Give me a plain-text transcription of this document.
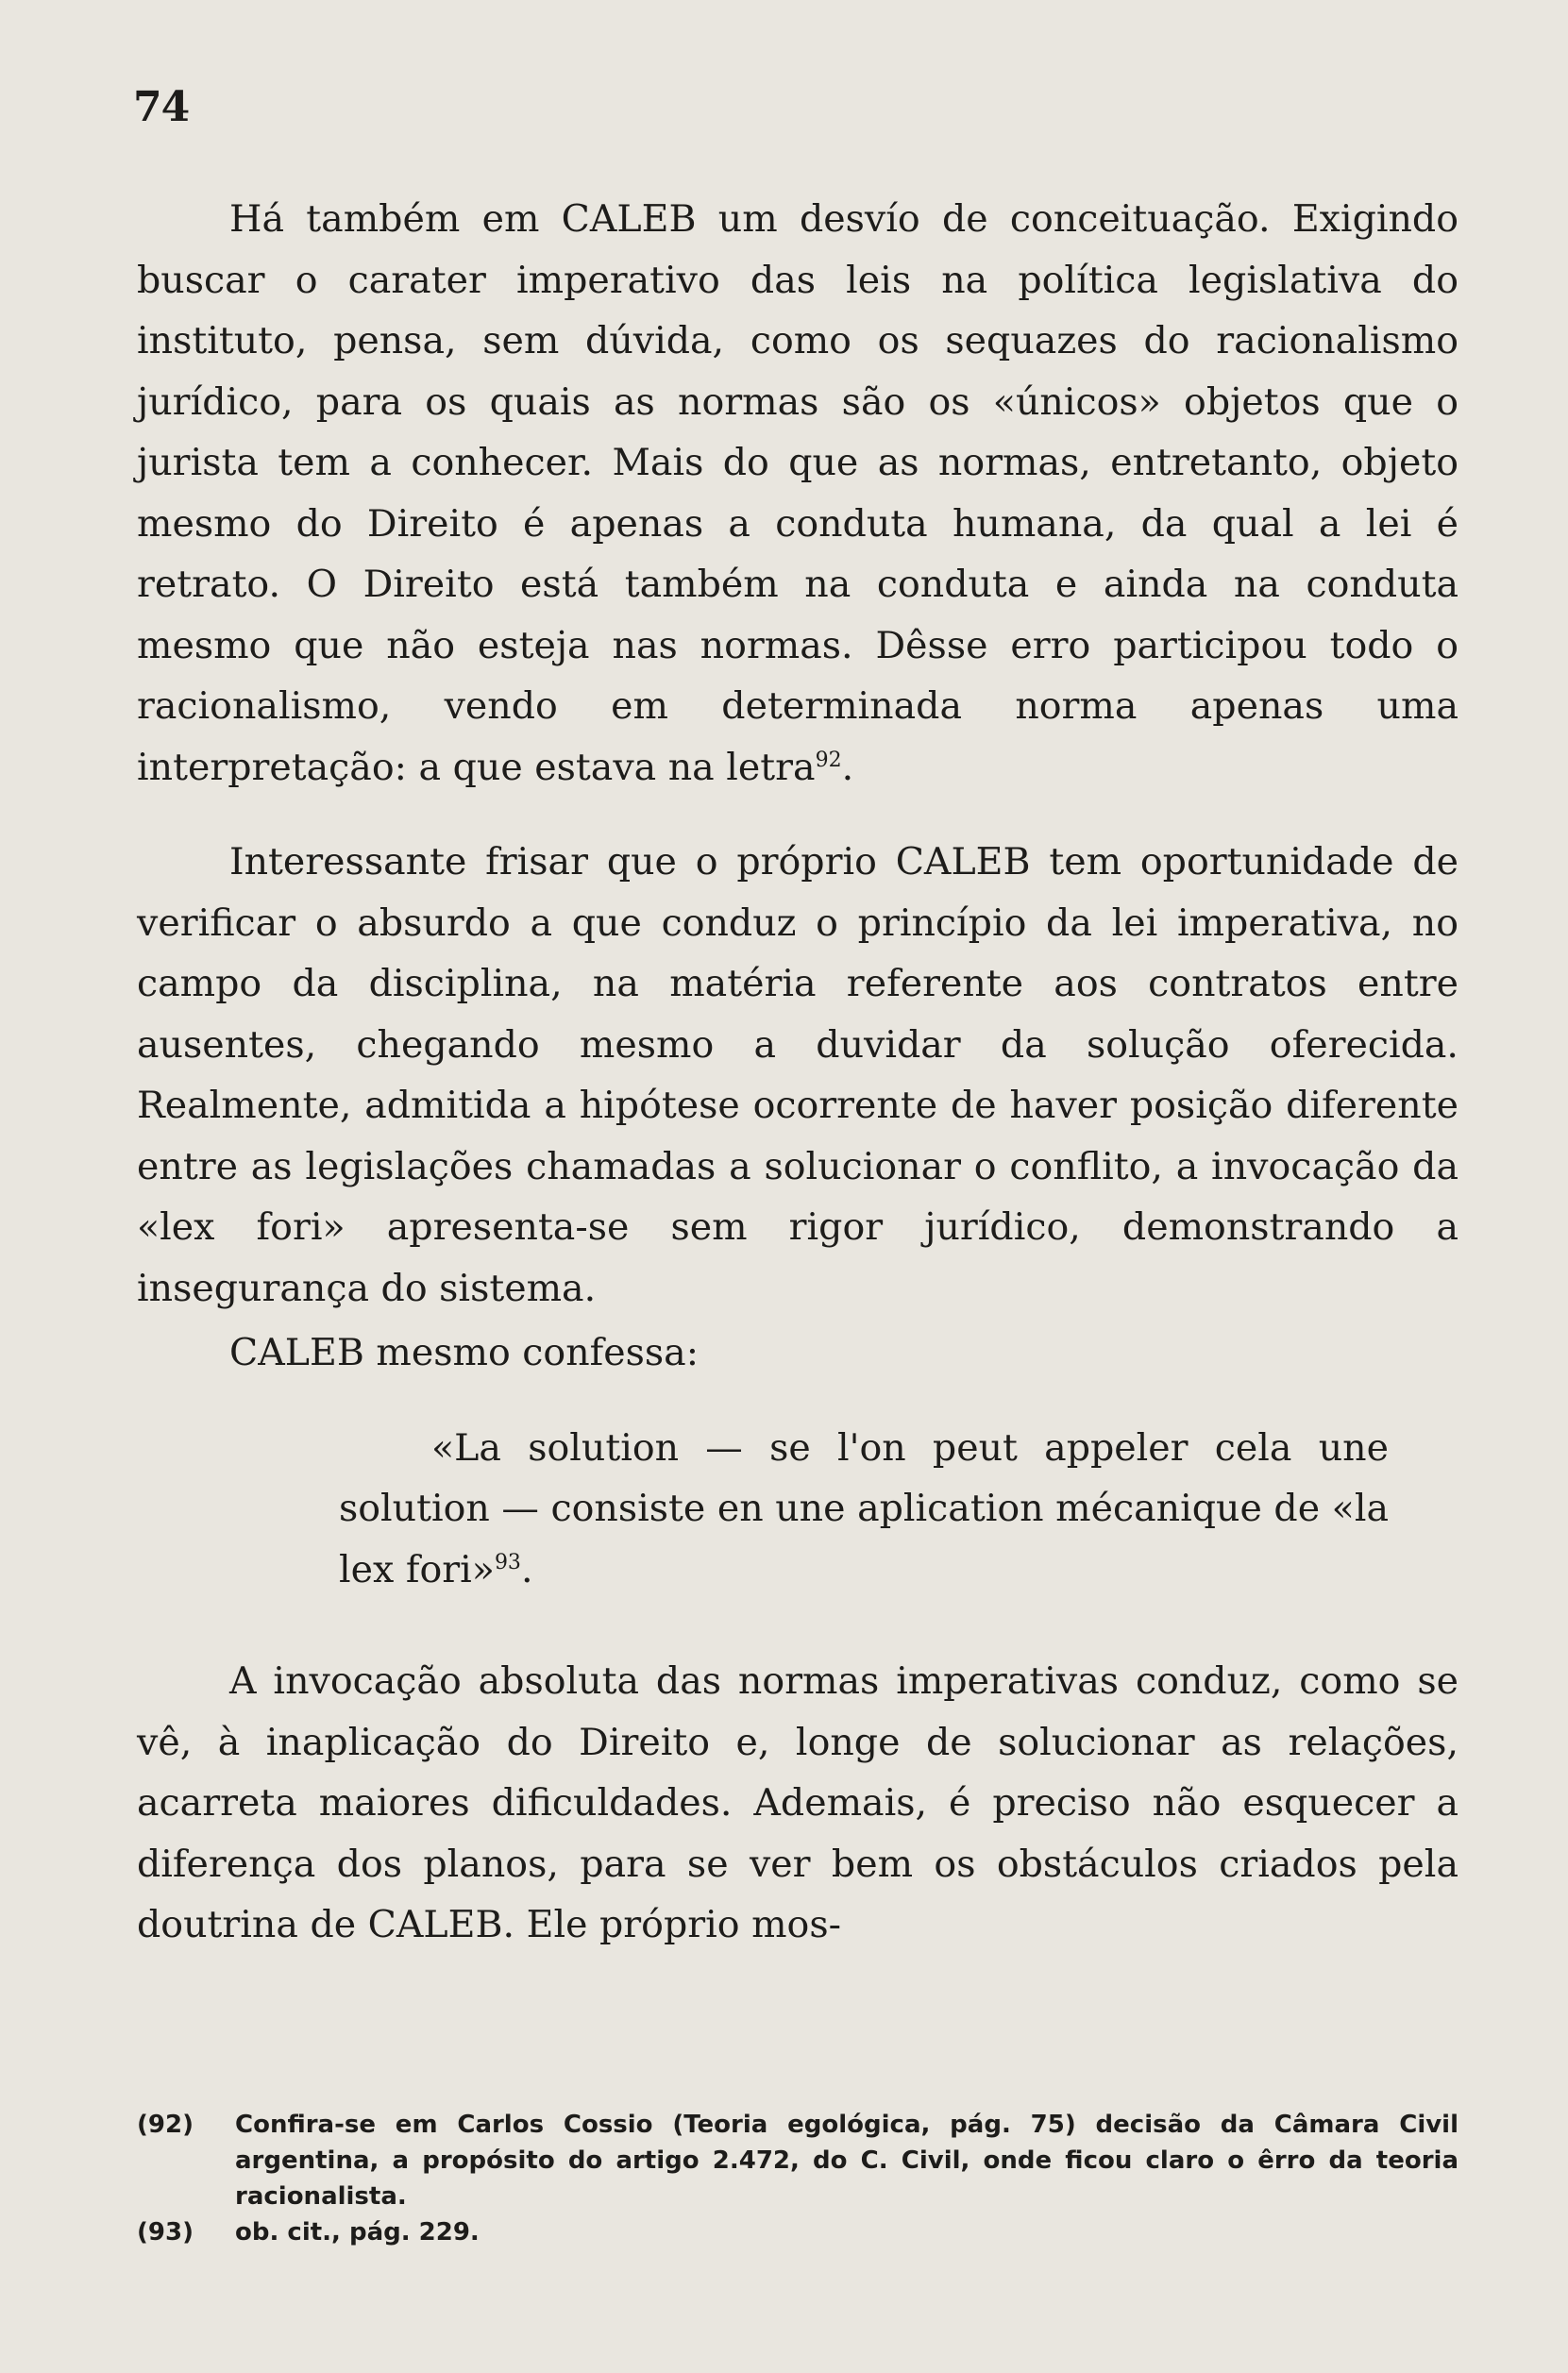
74

Há também em CALEB um desvío de conceituação. Exigindo buscar o carater imperativo das leis na política legislativa do instituto, pensa, sem dúvida, como os sequazes do racionalismo jurídico, para os quais as normas são os «únicos» objetos que o jurista tem a conhecer. Mais do que as normas, entretanto, objeto mesmo do Direito é apenas a conduta humana, da qual a lei é retrato. O Direito está também na conduta e ainda na conduta mesmo que não esteja nas normas. Dêsse erro participou todo o racionalismo, vendo em determinada norma apenas uma interpretação: a que estava na letra$^{92}$.

Interessante frisar que o próprio CALEB tem oportunidade de verificar o absurdo a que conduz o princípio da lei imperativa, no campo da disciplina, na matéria referente aos contratos entre ausentes, chegando mesmo a duvidar da solução oferecida. Realmente, admitida a hipótese ocorrente de haver posição diferente entre as legislações chamadas a solucionar o conflito, a invocação da «lex fori» apresenta-se sem rigor jurídico, demonstrando a insegurança do sistema.

CALEB mesmo confessa:

«La solution — se l'on peut appeler cela une solution — consiste en une aplication mécanique de «la lex fori»$^{93}$.

A invocação absoluta das normas imperativas conduz, como se vê, à inaplicação do Direito e, longe de solucionar as relações, acarreta maiores dificuldades. Ademais, é preciso não esquecer a diferença dos planos, para se ver bem os obstáculos criados pela doutrina de CALEB. Ele próprio mos-

(92)	Confira-se em Carlos Cossio (Teoria egológica, pág. 75) decisão da Câmara Civil argentina, a propósito do artigo 2.472, do C. Civil, onde ficou claro o êrro da teoria racionalista.

(93)	ob. cit., pág. 229.
